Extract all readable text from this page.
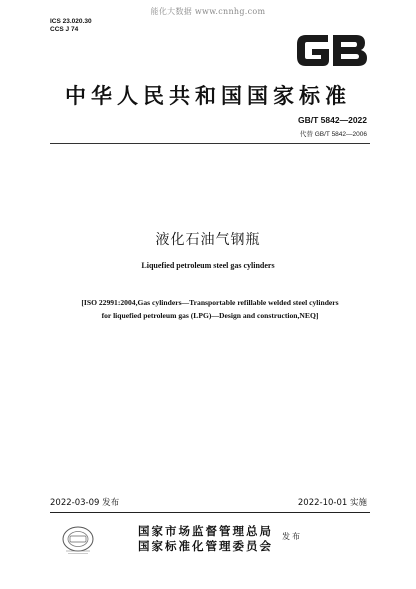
能化大数据 www.cnnhg.com
ICS 23.020.30
CCS J 74
中华人民共和国国家标准
GB/T 5842—2022
代替 GB/T 5842—2006
液化石油气钢瓶
Liquefied petroleum steel gas cylinders
[ISO 22991:2004,Gas cylinders—Transportable refillable welded steel cylinders
for liquefied petroleum gas (LPG)—Design and construction,NEQ]
2022-03-09 发布	2022-10-01 实施
国家市场监督管理总局
国家标准化管理委员会
发布
